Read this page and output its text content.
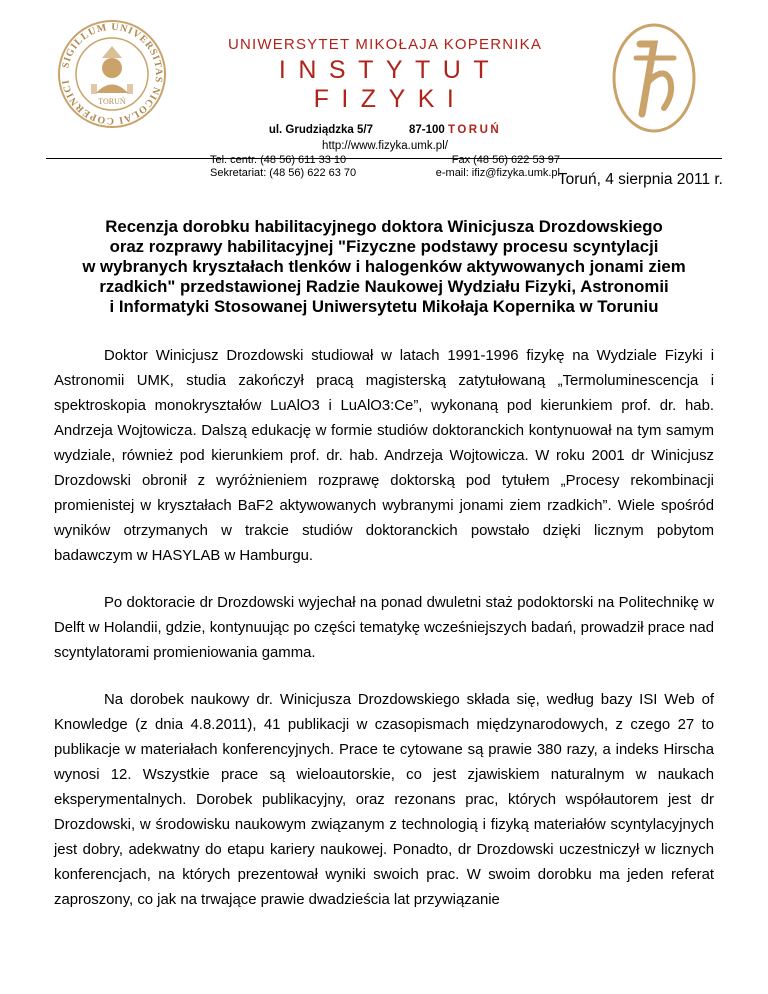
SIGILLUM UNIVERSITAS NICOLAI COPERNICI
TORUŃ
UNIWERSYTET MIKOŁAJA KOPERNIKA
INSTYTUT FIZYKI
ul. Grudziądzka 5/7	87-100 TORUŃ
http://www.fizyka.umk.pl/
Tel. centr. (48 56) 611 33 10
Sekretariat: (48 56) 622 63 70
Fax (48 56) 622 53 97
e-mail: ifiz@fizyka.umk.pl
Toruń, 4 sierpnia 2011 r.
Recenzja dorobku habilitacyjnego doktora Winicjusza Drozdowskiego
oraz rozprawy habilitacyjnej "Fizyczne podstawy procesu scyntylacji
w wybranych kryształach tlenków i halogenków aktywowanych jonami ziem
rzadkich" przedstawionej Radzie Naukowej Wydziału Fizyki, Astronomii
i Informatyki Stosowanej Uniwersytetu Mikołaja Kopernika w Toruniu

Doktor Winicjusz Drozdowski studiował w latach 1991-1996 fizykę na Wydziale Fizyki i Astronomii UMK, studia zakończył pracą magisterską zatytułowaną „Termoluminescencja i spektroskopia monokryształów LuAlO3 i LuAlO3:Ce”, wykonaną pod kierunkiem prof. dr. hab. Andrzeja Wojtowicza. Dalszą edukację w formie studiów doktoranckich kontynuował na tym samym wydziale, również pod kierunkiem prof. dr. hab. Andrzeja Wojtowicza. W roku 2001 dr Winicjusz Drozdowski obronił z wyróżnieniem rozprawę doktorską pod tytułem „Procesy rekombinacji promienistej w kryształach BaF2 aktywowanych wybranymi jonami ziem rzadkich”. Wiele spośród wyników otrzymanych w trakcie studiów doktoranckich powstało dzięki licznym pobytom badawczym w HASYLAB w Hamburgu.

Po doktoracie dr Drozdowski wyjechał na ponad dwuletni staż podoktorski na Politechnikę w Delft w Holandii, gdzie, kontynuując po części tematykę wcześniejszych badań, prowadził prace nad scyntylatorami promieniowania gamma.

Na dorobek naukowy dr. Winicjusza Drozdowskiego składa się, według bazy ISI Web of Knowledge (z dnia 4.8.2011), 41 publikacji w czasopismach międzynarodowych, z czego 27 to publikacje w materiałach konferencyjnych. Prace te cytowane są prawie 380 razy, a indeks Hirscha wynosi 12. Wszystkie prace są wieloautorskie, co jest zjawiskiem naturalnym w naukach eksperymentalnych. Dorobek publikacyjny, oraz rezonans prac, których współautorem jest dr Drozdowski, w środowisku naukowym związanym z technologią i fizyką materiałów scyntylacyjnych jest dobry, adekwatny do etapu kariery naukowej. Ponadto, dr Drozdowski uczestniczył w licznych konferencjach, na których prezentował wyniki swoich prac. W swoim dorobku ma jeden referat zaproszony, co jak na trwające prawie dwadzieścia lat przywiązanie
